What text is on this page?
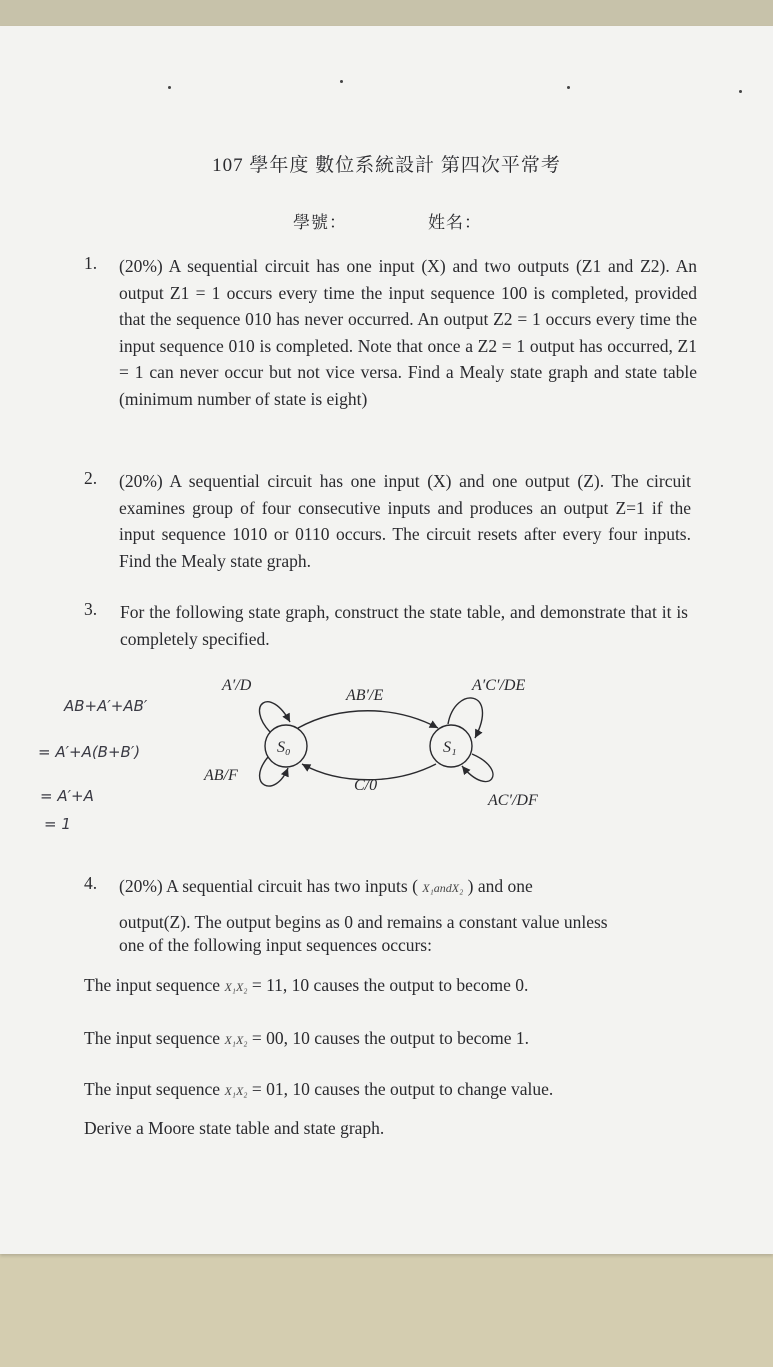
107 學年度 數位系統設計 第四次平常考
學號：	姓名：
1. (20%) A sequential circuit has one input (X) and two outputs (Z1 and Z2). An output Z1 = 1 occurs every time the input sequence 100 is completed, provided that the sequence 010 has never occurred. An output Z2 = 1 occurs every time the input sequence 010 is completed. Note that once a Z2 = 1 output has occurred, Z1 = 1 can never occur but not vice versa. Find a Mealy state graph and state table (minimum number of state is eight)
2. (20%) A sequential circuit has one input (X) and one output (Z). The circuit examines group of four consecutive inputs and produces an output Z=1 if the input sequence 1010 or 0110 occurs. The circuit resets after every four inputs. Find the Mealy state graph.
3. For the following state graph, construct the state table, and demonstrate that it is completely specified.
AB+A′+AB′
= A′+A(B+B′)
= A′+A
= 1
S₀	S₁
A′/D
AB/F
AB′/E
C/0
A′C′/DE
AC′/DF
4. (20%) A sequential circuit has two inputs ( X₁andX₂ ) and one
output(Z). The output begins as 0 and remains a constant value unless
one of the following input sequences occurs:
The input sequence X₁X₂ = 11, 10 causes the output to become 0.
The input sequence X₁X₂ = 00, 10 causes the output to become 1.
The input sequence X₁X₂ = 01, 10 causes the output to change value.
Derive a Moore state table and state graph.
